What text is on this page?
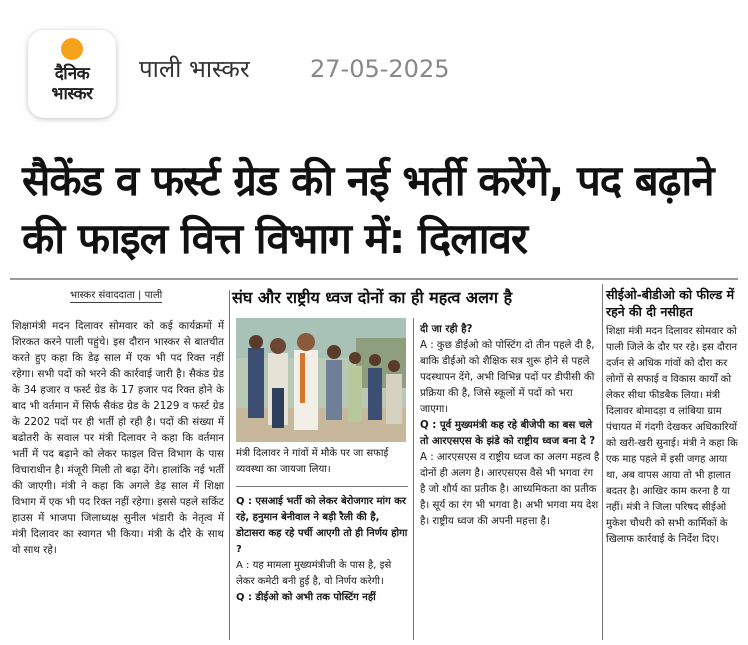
दैनिक
भास्कर
पाली भास्कर	27-05-2025
सैकेंड व फर्स्ट ग्रेड की नई भर्ती करेंगे, पद बढ़ाने की फाइल वित्त विभाग में: दिलावर
भास्कर संवाददाता | पाली
शिक्षामंत्री मदन दिलावर सोमवार को कई कार्यक्रमों में शिरकत करने पाली पहुंचे। इस दौरान भास्कर से बातचीत करते हुए कहा कि डेढ़ साल में एक भी पद रिक्त नहीं रहेगा। सभी पदों को भरने की कार्रवाई जारी है। सैकंड ग्रेड के 34 हजार व फर्स्ट ग्रेड के 17 हजार पद रिक्त होने के बाद भी वर्तमान में सिर्फ सैकंड ग्रेड के 2129 व फर्स्ट ग्रेड के 2202 पदों पर ही भर्ती हो रही है। पदों की संख्या में बढोतरी के सवाल पर मंत्री दिलावर ने कहा कि वर्तमान भर्ती में पद बढ़ाने को लेकर फाइल वित्त विभाग के पास विचाराधीन है। मंजूरी मिली तो बढ़ा देंगे। हालांकि नई भर्ती की जाएगी। मंत्री ने कहा कि अगले डेढ़ साल में शिक्षा विभाग में एक भी पद रिक्त नहीं रहेगा। इससे पहले सर्किट हाउस में भाजपा जिलाध्यक्ष सुनील भंडारी के नेतृत्व में मंत्री दिलावर का स्वागत भी किया। मंत्री के दौरे के साथ वो साथ रहे।
संघ और राष्ट्रीय ध्वज दोनों का ही महत्व अलग है
मंत्री दिलावर ने गांवों में मौके पर जा सफाई व्यवस्था का जायजा लिया।
Q : एसआई भर्ती को लेकर बेरोजगार मांग कर रहे, हनुमान बेनीवाल ने बड़ी रैली की है, डोटासरा कह रहे पर्ची आएगी तो ही निर्णय होगा ?
A : यह मामला मुख्यमंत्रीजी के पास है, इसे लेकर कमेटी बनी हुई है, वो निर्णय करेगी।
Q : डीईओ को अभी तक पोस्टिंग नहीं
दी जा रही है?
A : कुछ डीईओ को पोस्टिंग दो तीन पहले दी है, बाकि डीईओ को शैक्षिक सत्र शुरू होने से पहले पदस्थापन देंगे, अभी विभिन्न पदों पर डीपीसी की प्रक्रिया की है, जिसे स्कूलों में पदों को भरा जाएगा।
Q : पूर्व मुख्यमंत्री कह रहे बीजेपी का बस चले तो आरएसएस के झंडे को राष्ट्रीय ध्वज बना दे ?
A : आरएसएस व राष्ट्रीय ध्वज का अलग महत्व है दोनों ही अलग है। आरएसएस वैसे भी भगवा रंग है जो शौर्य का प्रतीक है। आध्यमिकता का प्रतीक है। सूर्य का रंग भी भगवा है। अभी भगवा मय देश है। राष्ट्रीय ध्वज की अपनी महत्ता है।
सीईओ-बीडीओ को फील्ड में रहने की दी नसीहत
शिक्षा मंत्री मदन दिलावर सोमवार को पाली जिले के दौर पर रहे। इस दौरान दर्जन से अधिक गांवों को दौरा कर लोगों से सफाई व विकास कार्यों को लेकर सीधा फीडबैक लिया। मंत्री दिलावर बोमादड़ा व लांबिया ग्राम पंचायत में गंदगी देखकर अधिकारियों को खरी-खरी सुनाई। मंत्री ने कहा कि एक माह पहले में इसी जगह आया था, अब वापस आया तो भी हालात बदतर है। आखिर काम करना है या नहीं। मंत्री ने जिला परिषद सीईओ मुकेश चौधरी को सभी कार्मिकों के खिलाफ कार्रवाई के निर्देश दिए।
